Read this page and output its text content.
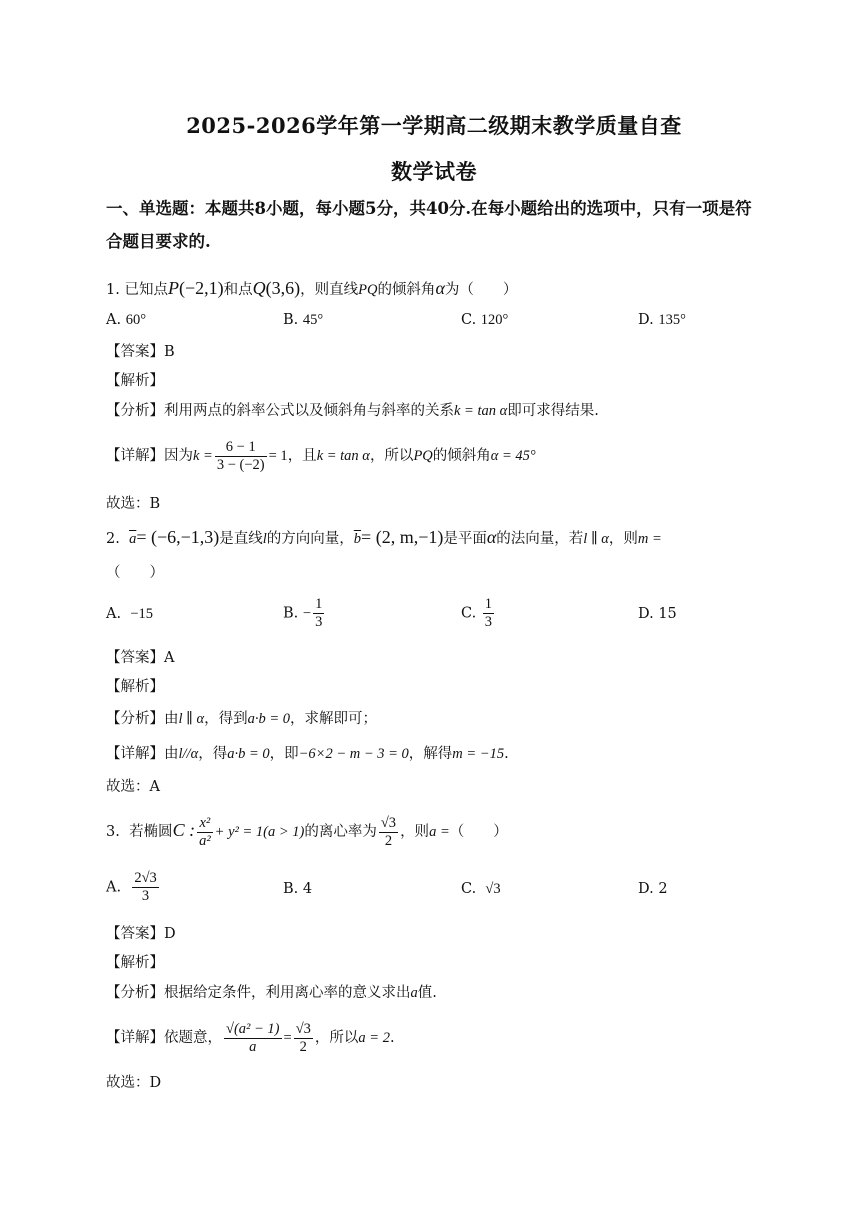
2025-2026学年第一学期高二级期末教学质量自查
数学试卷
一、单选题：本题共8小题，每小题5分，共40分.在每小题给出的选项中，只有一项是符合题目要求的.
1. 已知点P(−2,1)和点Q(3,6)，则直线PQ的倾斜角α为（　　）
A. 60°	B. 45°	C. 120°	D. 135°
【答案】B
【解析】
【分析】利用两点的斜率公式以及倾斜角与斜率的关系k = tan α即可求得结果.
【详解】因为$k = \frac{6 - 1}{3 - (-2)} = 1$，且k = tan α，所以PQ的倾斜角α = 45°
故选：B
2. $\overline{a}= (-6,-1,3)$是直线l的方向向量，$\overline{b}= (2$, m,−1)是平面α的法向量，若l ∥ α，则m =
（　　）
A. −15	B. − $\frac{1}{3}$	C. $\frac{1}{3}$	D. 15
【答案】A
【解析】
【分析】由l ∥ α，得到a·b = 0，求解即可；
【详解】由l//α，得a·b = 0，即−6×2 − m − 3 = 0，解得m = −15.
故选：A
3. 若椭圆C : $\frac{\text{x²}}{\text{a²}} + y^2 = 1(a > 1)$的离心率为 $\frac{√3}{2}$ ，则a =（　　）
A. $\frac{2√3}{3}$	B. 4	C. √3	D. 2
【答案】D
【解析】
【分析】根据给定条件，利用离心率的意义求出a值.
【详解】依题意， $\frac{\text{√(a² − 1)}}{a} = \frac{√3}{2}$ ，所以a = 2.
故选：D
